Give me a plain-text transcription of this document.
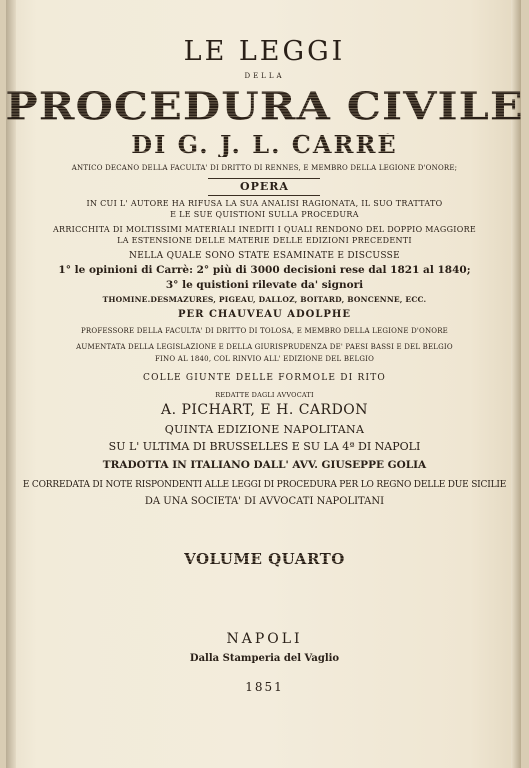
LE LEGGI
DELLA
PROCEDURA CIVILE
DI G. J. L. CARRÈ
ANTICO DECANO DELLA FACULTA' DI DRITTO DI RENNES, E MEMBRO DELLA LEGIONE D'ONORE;
OPERA
IN CUI L' AUTORE HA RIFUSA LA SUA ANALISI RAGIONATA, IL SUO TRATTATO
E LE SUE QUISTIONI SULLA PROCEDURA
ARRICCHITA DI MOLTISSIMI MATERIALI INEDITI I QUALI RENDONO DEL DOPPIO MAGGIORE
LA ESTENSIONE DELLE MATERIE DELLE EDIZIONI PRECEDENTI
NELLA QUALE SONO STATE ESAMINATE E DISCUSSE
1° le opinioni di Carrè: 2° più di 3000 decisioni rese dal 1821 al 1840;
3° le quistioni rilevate da' signori
THOMINE.DESMAZURES, PIGEAU, DALLOZ, BOITARD, BONCENNE, ECC.
PER CHAUVEAU ADOLPHE
PROFESSORE DELLA FACULTA' DI DRITTO DI TOLOSA, E MEMBRO DELLA LEGIONE D'ONORE
AUMENTATA DELLA LEGISLAZIONE E DELLA GIURISPRUDENZA DE' PAESI BASSI E DEL BELGIO
FINO AL 1840, COL RINVIO ALL' EDIZIONE DEL BELGIO
COLLE GIUNTE DELLE FORMOLE DI RITO
REDATTE DAGLI AVVOCATI
A. PICHART, E H. CARDON
QUINTA EDIZIONE NAPOLITANA
SU L' ULTIMA DI BRUSSELLES E SU LA 4ª DI NAPOLI
TRADOTTA IN ITALIANO DALL' AVV. GIUSEPPE GOLIA
E CORREDATA DI NOTE RISPONDENTI ALLE LEGGI DI PROCEDURA PER LO REGNO DELLE DUE SICILIE
DA UNA SOCIETA' DI AVVOCATI NAPOLITANI
VOLUME QUARTO
NAPOLI
Dalla Stamperia del Vaglio
1851
